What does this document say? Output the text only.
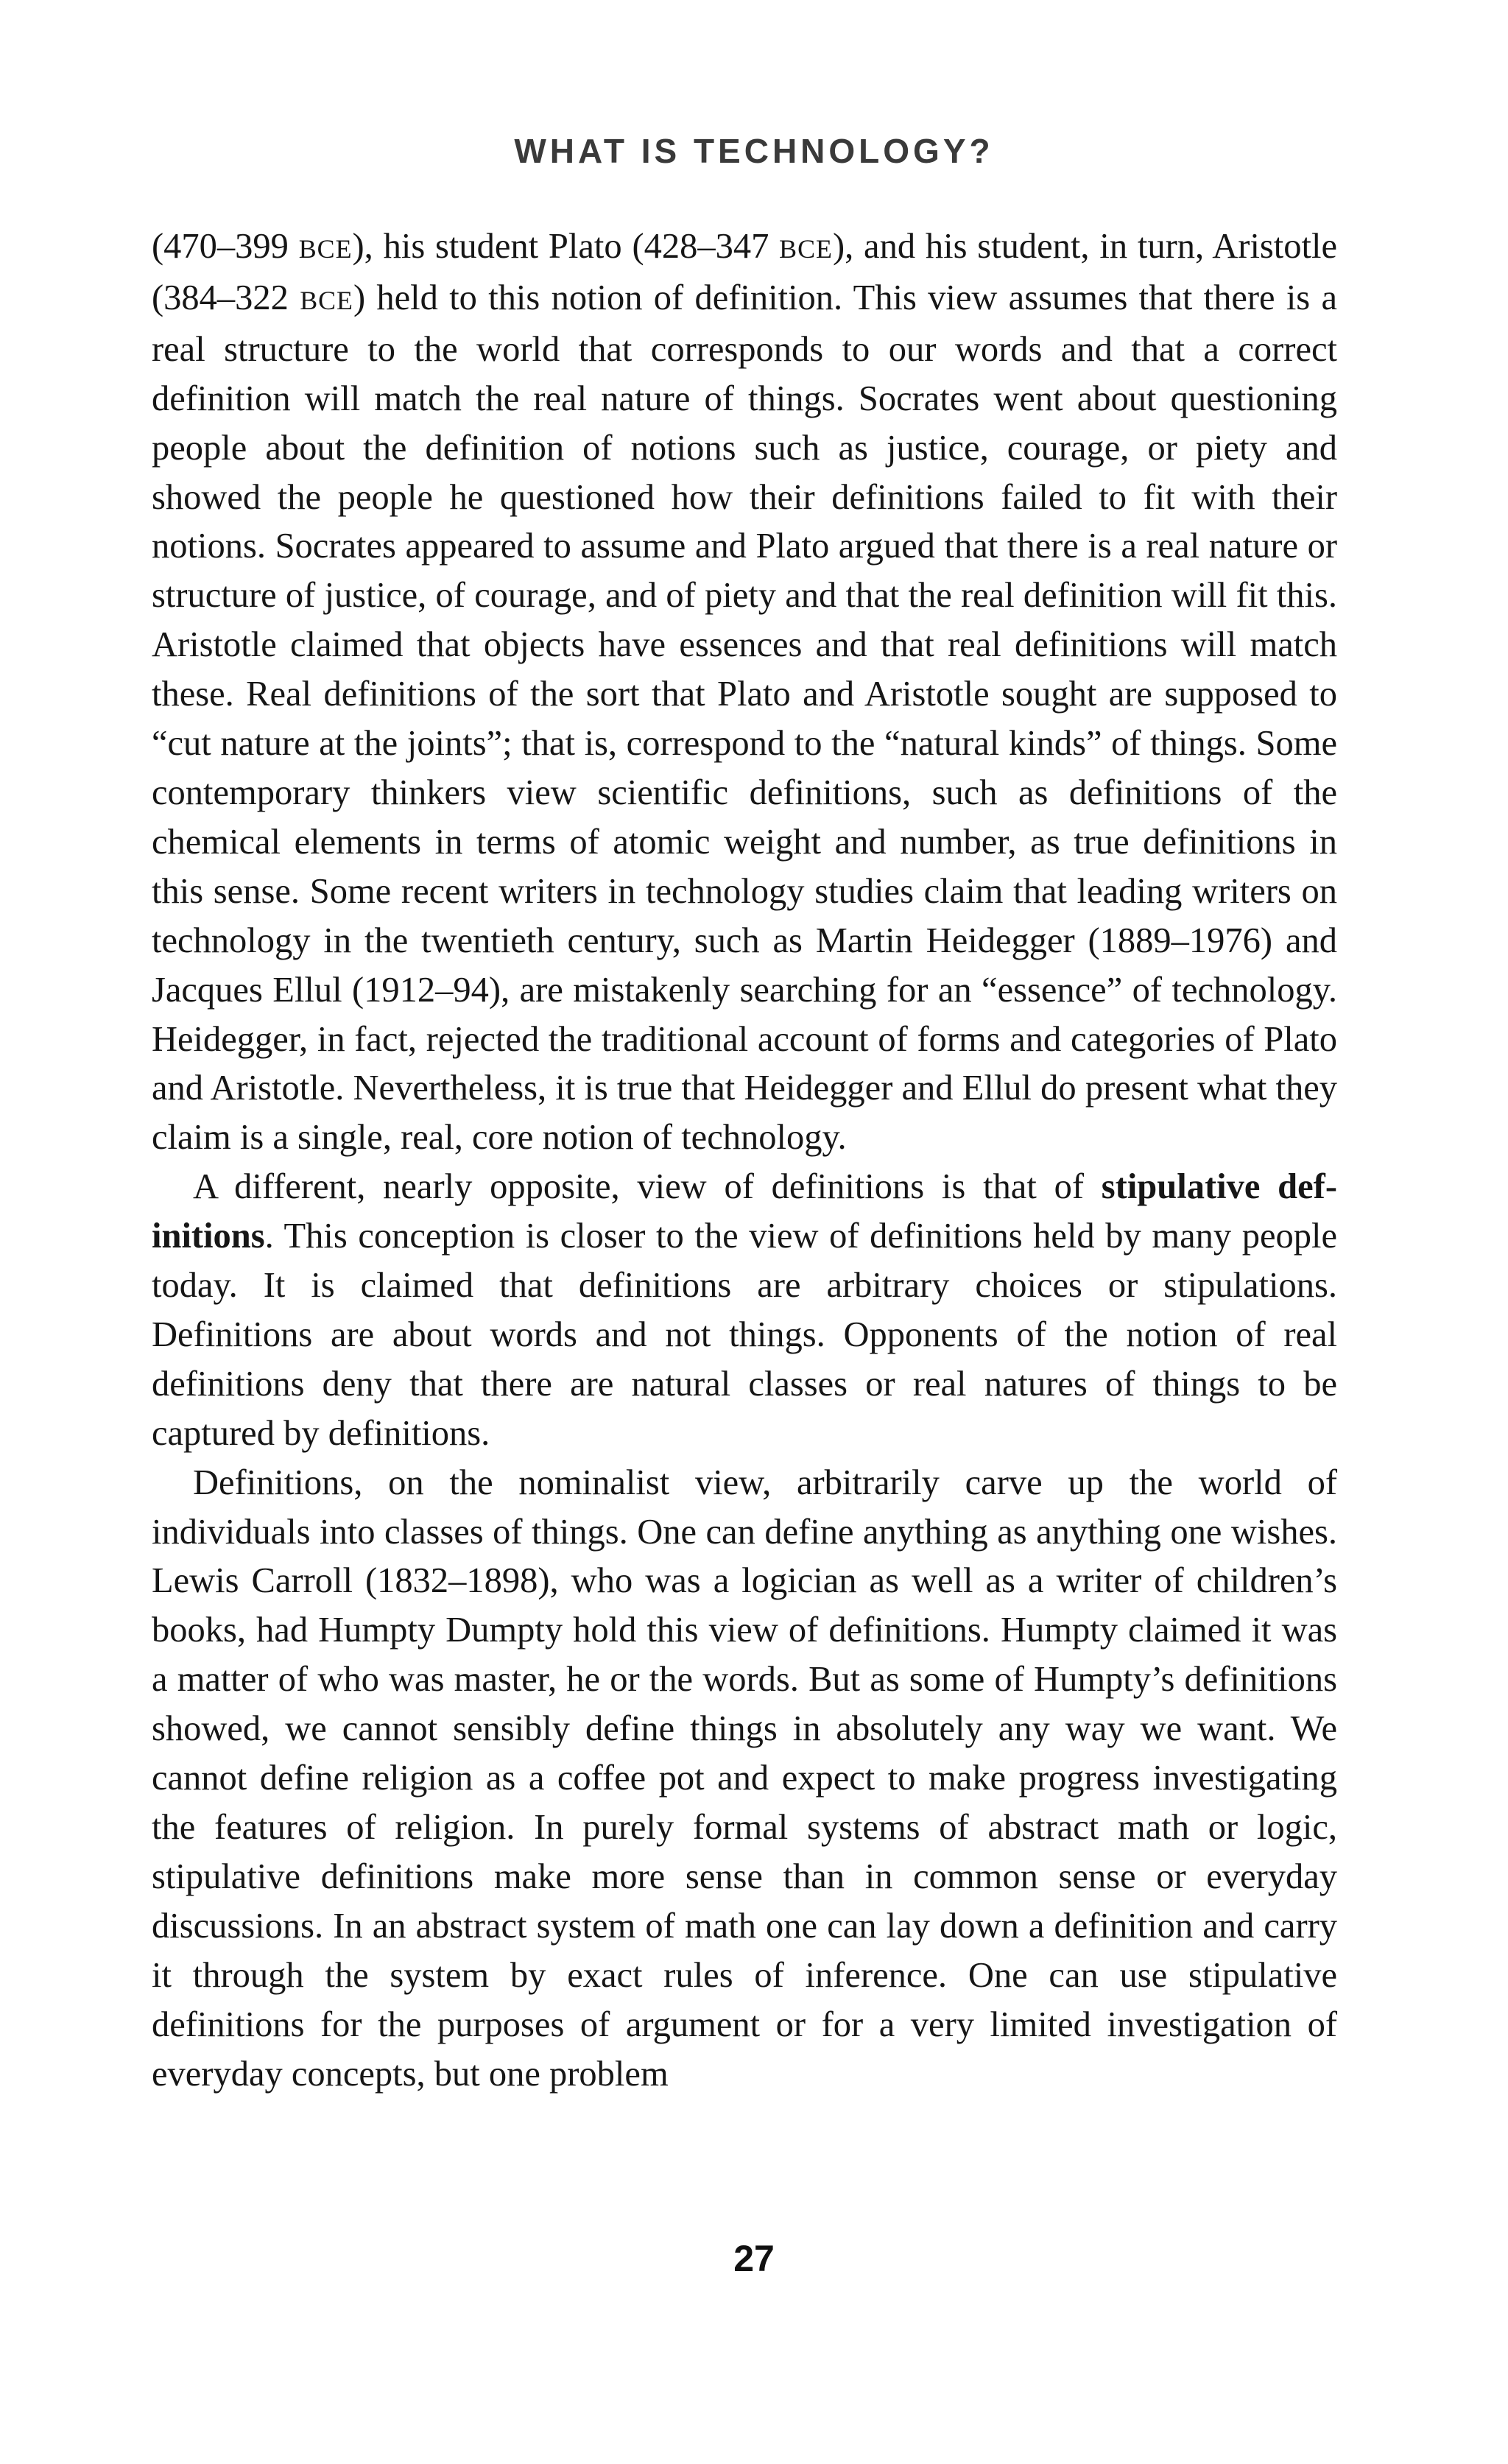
WHAT IS TECHNOLOGY?

(470–399 BCE), his student Plato (428–347 BCE), and his student, in turn, Aristotle (384–322 BCE) held to this notion of definition. This view assumes that there is a real structure to the world that corresponds to our words and that a correct definition will match the real nature of things. Socrates went about questioning people about the definition of notions such as justice, courage, or piety and showed the people he questioned how their definitions failed to fit with their notions. Socrates appeared to assume and Plato argued that there is a real nature or structure of justice, of courage, and of piety and that the real definition will fit this. Aristotle claimed that objects have essences and that real definitions will match these. Real definitions of the sort that Plato and Aristotle sought are supposed to “cut nature at the joints”; that is, correspond to the “natural kinds” of things. Some contemporary thinkers view scientific definitions, such as definitions of the chemical elements in terms of atomic weight and number, as true definitions in this sense. Some recent writers in technology studies claim that leading writers on technology in the twentieth century, such as Martin Heidegger (1889–1976) and Jacques Ellul (1912–94), are mistakenly searching for an “essence” of technology. Heidegger, in fact, rejected the traditional account of forms and categories of Plato and Aristotle. Nevertheless, it is true that Heidegger and Ellul do present what they claim is a single, real, core notion of technology.

A different, nearly opposite, view of definitions is that of stipulative definitions. This conception is closer to the view of definitions held by many people today. It is claimed that definitions are arbitrary choices or stipulations. Definitions are about words and not things. Opponents of the notion of real definitions deny that there are natural classes or real natures of things to be captured by definitions.

Definitions, on the nominalist view, arbitrarily carve up the world of individuals into classes of things. One can define anything as anything one wishes. Lewis Carroll (1832–1898), who was a logician as well as a writer of children’s books, had Humpty Dumpty hold this view of definitions. Humpty claimed it was a matter of who was master, he or the words. But as some of Humpty’s definitions showed, we cannot sensibly define things in absolutely any way we want. We cannot define religion as a coffee pot and expect to make progress investigating the features of religion. In purely formal systems of abstract math or logic, stipulative definitions make more sense than in common sense or everyday discussions. In an abstract system of math one can lay down a definition and carry it through the system by exact rules of inference. One can use stipulative definitions for the purposes of argument or for a very limited investigation of everyday concepts, but one problem

27
